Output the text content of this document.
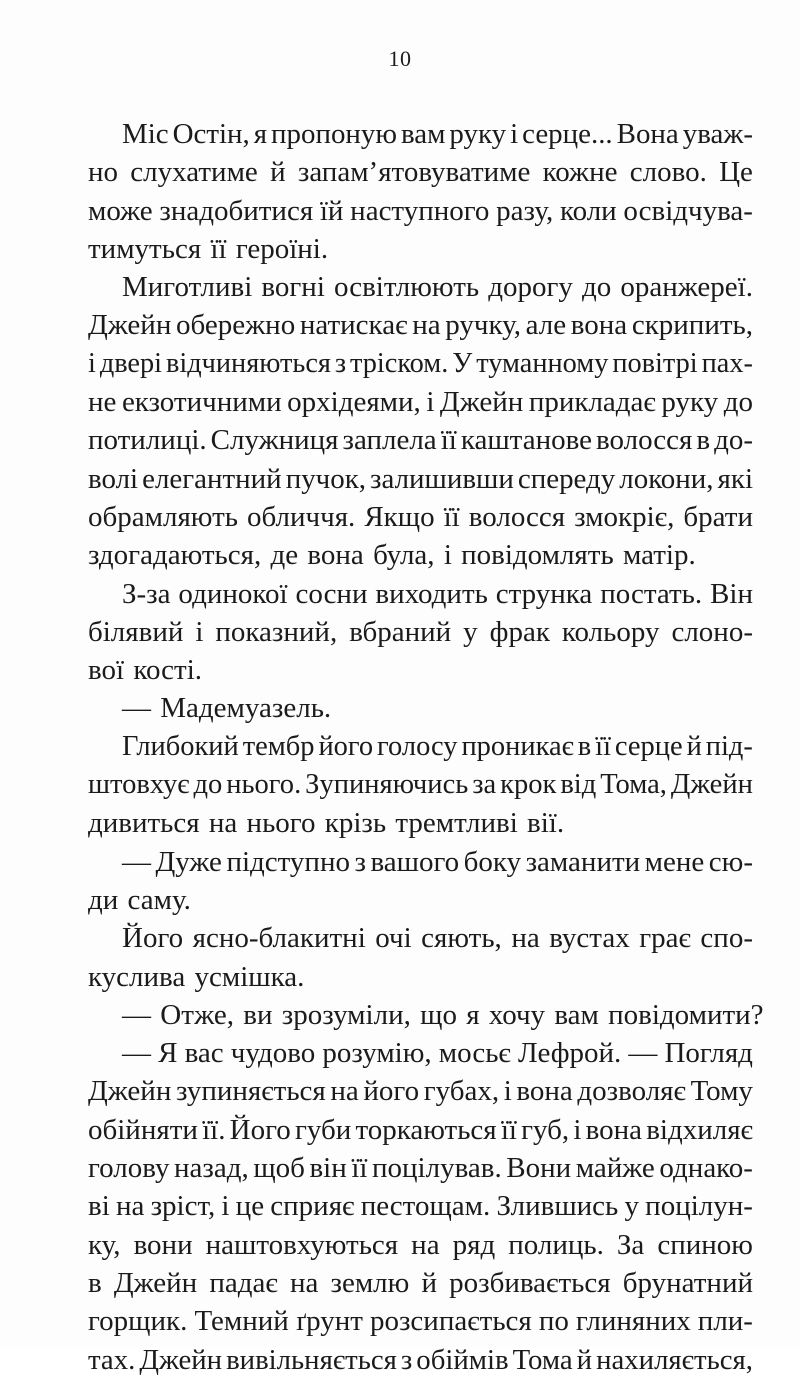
10
Міс Остін, я пропоную вам руку і серце... Вона уваж-
но слухатиме й запам’ятовуватиме кожне слово. Це
може знадобитися їй наступного разу, коли освідчува-
тимуться її героїні.
Миготливі вогні освітлюють дорогу до оранжереї.
Джейн обережно натискає на ручку, але вона скрипить,
і двері відчиняються з тріском. У туманному повітрі пах-
не екзотичними орхідеями, і Джейн прикладає руку до
потилиці. Служниця заплела її каштанове волосся в до-
волі елегантний пучок, залишивши спереду локони, які
обрамляють обличчя. Якщо її волосся змокріє, брати
здогадаються, де вона була, і повідомлять матір.
З-за одинокої сосни виходить струнка постать. Він
білявий і показний, вбраний у фрак кольору слоно-
вої кості.
— Мадемуазель.
Глибокий тембр його голосу проникає в її серце й під-
штовхує до нього. Зупиняючись за крок від Тома, Джейн
дивиться на нього крізь тремтливі вії.
— Дуже підступно з вашого боку заманити мене сю-
ди саму.
Його ясно-блакитні очі сяють, на вустах грає спо-
куслива усмішка.
— Отже, ви зрозуміли, що я хочу вам повідомити?
— Я вас чудово розумію, мосьє Лефрой. — Погляд
Джейн зупиняється на його губах, і вона дозволяє Тому
обійняти її. Його губи торкаються її губ, і вона відхиляє
голову назад, щоб він її поцілував. Вони майже однако-
ві на зріст, і це сприяє пестощам. Злившись у поцілун-
ку, вони наштовхуються на ряд полиць. За спиною
в Джейн падає на землю й розбивається брунатний
горщик. Темний ґрунт розсипається по глиняних пли-
тах. Джейн вивільняється з обіймів Тома й нахиляється,
